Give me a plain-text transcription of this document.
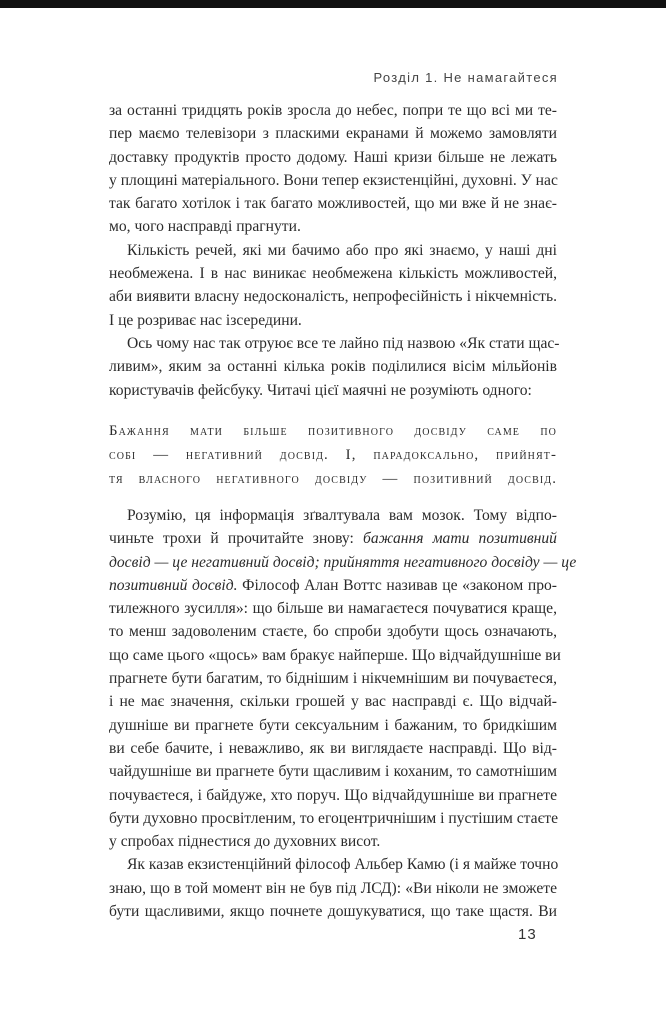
Розділ 1. Не намагайтеся
за останні тридцять років зросла до небес, попри те що всі ми те-
пер маємо телевізори з пласкими екранами й можемо замовляти
доставку продуктів просто додому. Наші кризи більше не лежать
у площині матеріального. Вони тепер екзистенційні, духовні. У нас
так багато хотілок і так багато можливостей, що ми вже й не знає-
мо, чого насправді прагнути.
Кількість речей, які ми бачимо або про які знаємо, у наші дні
необмежена. І в нас виникає необмежена кількість можливостей,
аби виявити власну недосконалість, непрофесійність і нікчемність.
І це розриває нас ізсередини.
Ось чому нас так отруює все те лайно під назвою «Як стати щас-
ливим», яким за останні кілька років поділилися вісім мільйонів
користувачів фейсбуку. Читачі цієї маячні не розуміють одного:
Бажання мати більше позитивного досвіду саме по
собі — негативний досвід. І, парадоксально, прийнят-
тя власного негативного досвіду — позитивний досвід.
Розумію, ця інформація зґвалтувала вам мозок. Тому відпо-
чиньте трохи й прочитайте знову: бажання мати позитивний
досвід — це негативний досвід; прийняття негативного досвіду — це
позитивний досвід. Філософ Алан Воттс називав це «законом про-
тилежного зусилля»: що більше ви намагаєтеся почуватися краще,
то менш задоволеним стаєте, бо спроби здобути щось означають,
що саме цього «щось» вам бракує найперше. Що відчайдушніше ви
прагнете бути багатим, то біднішим і нікчемнішим ви почуваєтеся,
і не має значення, скільки грошей у вас насправді є. Що відчай-
душніше ви прагнете бути сексуальним і бажаним, то бридкішим
ви себе бачите, і неважливо, як ви виглядаєте насправді. Що від-
чайдушніше ви прагнете бути щасливим і коханим, то самотнішим
почуваєтеся, і байдуже, хто поруч. Що відчайдушніше ви прагнете
бути духовно просвітленим, то егоцентричнішим і пустішим стаєте
у спробах піднестися до духовних висот.
Як казав екзистенційний філософ Альбер Камю (і я майже точно
знаю, що в той момент він не був під ЛСД): «Ви ніколи не зможете
бути щасливими, якщо почнете дошукуватися, що таке щастя. Ви
13
